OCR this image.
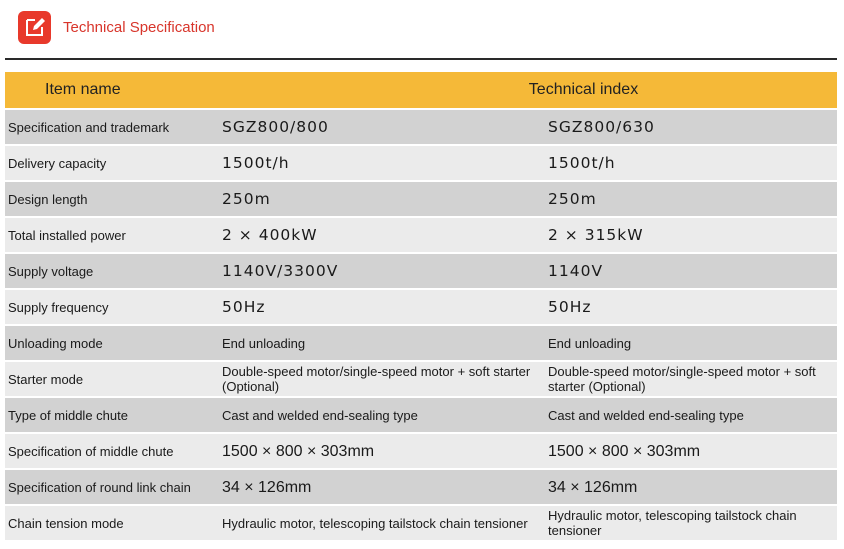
Technical Specification
Item name	Technical index	
Specification and trademark	SGZ800/800	SGZ800/630
Delivery capacity	1500t/h	1500t/h
Design length	250m	250m
Total installed power	2 × 400kW	2 × 315kW
Supply voltage	1140V/3300V	1140V
Supply frequency	50Hz	50Hz
Unloading mode	End unloading	End unloading
Starter mode	Double-speed motor/single-speed motor + soft starter (Optional)	Double-speed motor/single-speed motor + soft starter (Optional)
Type of middle chute	Cast and welded end-sealing type	Cast and welded end-sealing type
Specification of middle chute	1500 × 800 × 303mm	1500 × 800 × 303mm
Specification of round link chain	34 × 126mm	34 × 126mm
Chain tension mode	Hydraulic motor, telescoping tailstock chain tensioner	Hydraulic motor, telescoping tailstock chain tensioner
